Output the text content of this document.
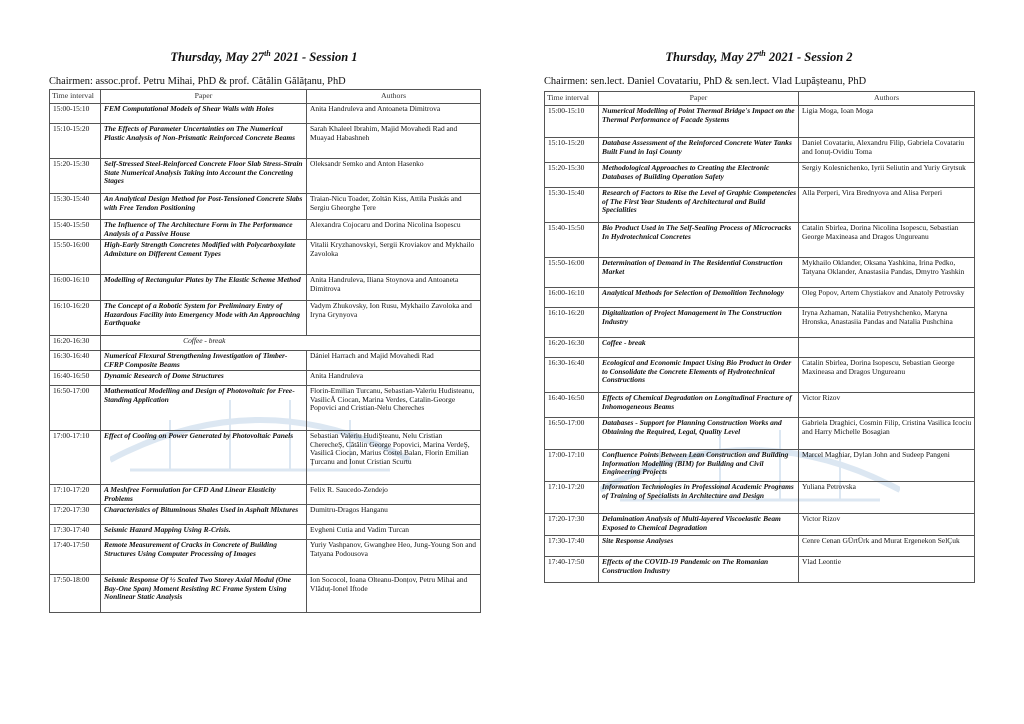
Thursday, May 27th 2021 - Session 1
Chairmen: assoc.prof. Petru Mihai, PhD & prof. Cătălin Gălățanu, PhD
Time interval	Paper	Authors
15:00-15:10	FEM Computational Models of Shear Walls with Holes	Anita Handruleva and Antoaneta Dimitrova
15:10-15:20	The Effects of Parameter Uncertainties on The Numerical Plastic Analysis of Non-Prismatic Reinforced Concrete Beams	Sarah Khaleel Ibrahim, Majid Movahedi Rad and Muayad Habashneh
15:20-15:30	Self-Stressed Steel-Reinforced Concrete Floor Slab Stress-Strain State Numerical Analysis Taking into Account the Concreting Stages	Oleksandr Semko and Anton Hasenko
15:30-15:40	An Analytical Design Method for Post-Tensioned Concrete Slabs with Free Tendon Positioning	Traian-Nicu Toader, Zoltán Kiss, Attila Puskás and Sergiu Gheorghe Țere
15:40-15:50	The Influence of The Architecture Form in The Performance Analysis of a Passive House	Alexandra Cojocaru and Dorina Nicolina Isopescu
15:50-16:00	High-Early Strength Concretes Modified with Polycarboxylate Admixture on Different Cement Types	Vitalii Kryzhanovskyi, Sergii Kroviakov and Mykhailo Zavoloka
16:00-16:10	Modelling of Rectangular Plates by The Elastic Scheme Method	Anita Handruleva, Iliana Stoynova and Antoaneta Dimitrova
16:10-16:20	The Concept of a Robotic System for Preliminary Entry of Hazardous Facility into Emergency Mode with An Approaching Earthquake	Vadym Zhukovsky, Ion Rusu, Mykhailo Zavoloka and Iryna Grynyova
16:20-16:30	Coffee - break	
16:30-16:40	Numerical Flexural Strengthening Investigation of Timber-CFRP Composite Beams	Dániel Harrach and Majid Movahedi Rad
16:40-16:50	Dynamic Research of Dome Structures	Anita Handruleva
16:50-17:00	Mathematical Modelling and Design of Photovoltaic for Free-Standing Application	Florin-Emilian Turcanu, Sebastian-Valeriu Hudisteanu, VasilicĂ Ciocan, Marina Verdes, Catalin-George Popovici and Cristian-Nelu Chereches
17:00-17:10	Effect of Cooling on Power Generated by Photovoltaic Panels	Sebastian Valeriu HudiŞteanu, Nelu Cristian CherecheŞ, Cătălin George Popovici, Marina VerdeŞ, Vasilică Ciocan, Marius Costel Balan, Florin Emilian Ţurcanu and Ionut Cristian Scurtu
17:10-17:20	A Meshfree Formulation for CFD And Linear Elasticity Problems	Felix R. Saucedo-Zendejo
17:20-17:30	Characteristics of Bituminous Shales Used in Asphalt Mixtures	Dumitru-Dragos Hanganu
17:30-17:40	Seismic Hazard Mapping Using R-Crisis.	Evgheni Cutia and Vadim Turcan
17:40-17:50	Remote Measurement of Cracks in Concrete of Building Structures Using Computer Processing of Images	Yuriy Vashpanov, Gwanghee Heo, Jung-Young Son and Tatyana Podousova
17:50-18:00	Seismic Response Of ½ Scaled Two Storey Axial Modul (One Bay-One Span) Moment Resisting RC Frame System Using Nonlinear Static Analysis	Ion Sococol, Ioana Olteanu-Donțov, Petru Mihai and Vlăduț-Ionel Iftode
Thursday, May 27th 2021 - Session 2
Chairmen: sen.lect. Daniel Covatariu, PhD & sen.lect. Vlad Lupășteanu, PhD
Time interval	Paper	Authors
15:00-15:10	Numerical Modelling of Point Thermal Bridge's Impact on the Thermal Performance of Facade Systems	Ligia Moga, Ioan Moga
15:10-15:20	Database Assessment of the Reinforced Concrete Water Tanks Built Fund in Iași County	Daniel Covatariu, Alexandru Filip, Gabriela Covatariu and Ionuț-Ovidiu Toma
15:20-15:30	Methodological Approaches to Creating the Electronic Databases of Building Operation Safety	Sergiy Kolesnichenko, Iyrii Seliutin and Yuriy Grytsuk
15:30-15:40	Research of Factors to Rise the Level of Graphic Competencies of The First Year Students of Architectural and Build Specialities	Alla Perperi, Vira Brednyova and Alisa Perperi
15:40-15:50	Bio Product Used in The Self-Sealing Process of Microcracks In Hydrotechnical Concretes	Catalin Sbirlea, Dorina Nicolina Isopescu, Sebastian George Maxineasa and Dragos Ungureanu
15:50-16:00	Determination of Demand in The Residential Construction Market	Mykhailo Oklander, Oksana Yashkina, Irina Pedko, Tatyana Oklander, Anastasiia Pandas, Dmytro Yashkin
16:00-16:10	Analytical Methods for Selection of Demolition Technology	Oleg Popov, Artem Chystiakov and Anatoly Petrovsky
16:10-16:20	Digitalization of Project Management in The Construction Industry	Iryna Azhaman, Nataliia Petryshchenko, Maryna Hronska, Anastasiia Pandas and Natalia Pushchina
16:20-16:30	Coffee - break	
16:30-16:40	Ecological and Economic Impact Using Bio Product in Order to Consolidate the Concrete Elements of Hydrotechnical Constructions	Catalin Sbirlea, Dorina Isopescu, Sebastian George Maxineasa and Dragos Ungureanu
16:40-16:50	Effects of Chemical Degradation on Longitudinal Fracture of Inhomogeneous Beams	Victor Rizov
16:50-17:00	Databases - Support for Planning Construction Works and Obtaining the Required, Legal, Quality Level	Gabriela Draghici, Cosmin Filip, Cristina Vasilica Icociu and Harry Michelle Bosagian
17:00-17:10	Confluence Points Between Lean Construction and Building Information Modelling (BIM) for Building and Civil Engineering Projects	Marcel Maghiar, Dylan John and Sudeep Pangeni
17:10-17:20	Information Technologies in Professional Academic Programs of Training of Specialists in Architecture and Design	Yuliana Petrovska
17:20-17:30	Delamination Analysis of Multi-layered Viscoelastic Beam Exposed to Chemical Degradation	Victor Rizov
17:30-17:40	Site Response Analyses	Cenre Cenan GÜrtÜrk and Murat Ergenekon SelÇuk
17:40-17:50	Effects of the COVID-19 Pandemic on The Romanian Construction Industry	Vlad Leontie
